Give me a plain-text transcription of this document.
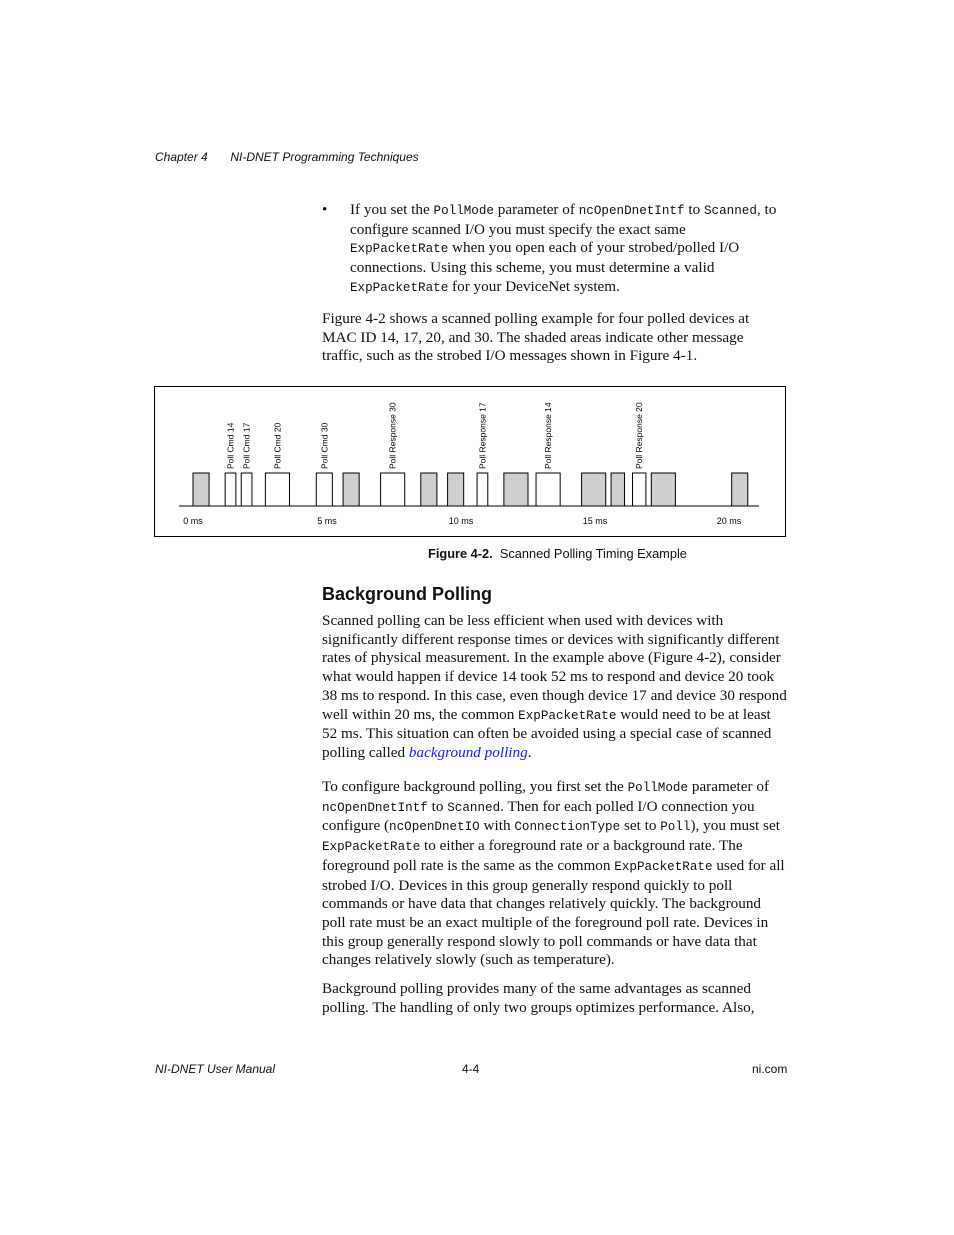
Chapter 4 NI-DNET Programming Techniques
• If you set the PollMode parameter of ncOpenDnetIntf to Scanned, to configure scanned I/O you must specify the exact same ExpPacketRate when you open each of your strobed/polled I/O connections. Using this scheme, you must determine a valid ExpPacketRate for your DeviceNet system.

Figure 4-2 shows a scanned polling example for four polled devices at MAC ID 14, 17, 20, and 30. The shaded areas indicate other message traffic, such as the strobed I/O messages shown in Figure 4-1.

Poll Cmd 14 Poll Cmd 17 Poll Cmd 20	Poll Cmd 30	Poll Response 30	Poll Response 17	Poll Response 14	Poll Response 20
0 ms	5 ms	10 ms	15 ms	20 ms
Figure 4-2. Scanned Polling Timing Example
Background Polling

Scanned polling can be less efficient when used with devices with significantly different response times or devices with significantly different rates of physical measurement. In the example above (Figure 4-2), consider what would happen if device 14 took 52 ms to respond and device 20 took 38 ms to respond. In this case, even though device 17 and device 30 respond well within 20 ms, the common ExpPacketRate would need to be at least 52 ms. This situation can often be avoided using a special case of scanned polling called background polling.

To configure background polling, you first set the PollMode parameter of ncOpenDnetIntf to Scanned. Then for each polled I/O connection you configure (ncOpenDnetIO with ConnectionType set to Poll), you must set ExpPacketRate to either a foreground rate or a background rate. The foreground poll rate is the same as the common ExpPacketRate used for all strobed I/O. Devices in this group generally respond quickly to poll commands or have data that changes relatively quickly. The background poll rate must be an exact multiple of the foreground poll rate. Devices in this group generally respond slowly to poll commands or have data that changes relatively slowly (such as temperature).

Background polling provides many of the same advantages as scanned polling. The handling of only two groups optimizes performance. Also,

NI-DNET User Manual	4-4	ni.com
